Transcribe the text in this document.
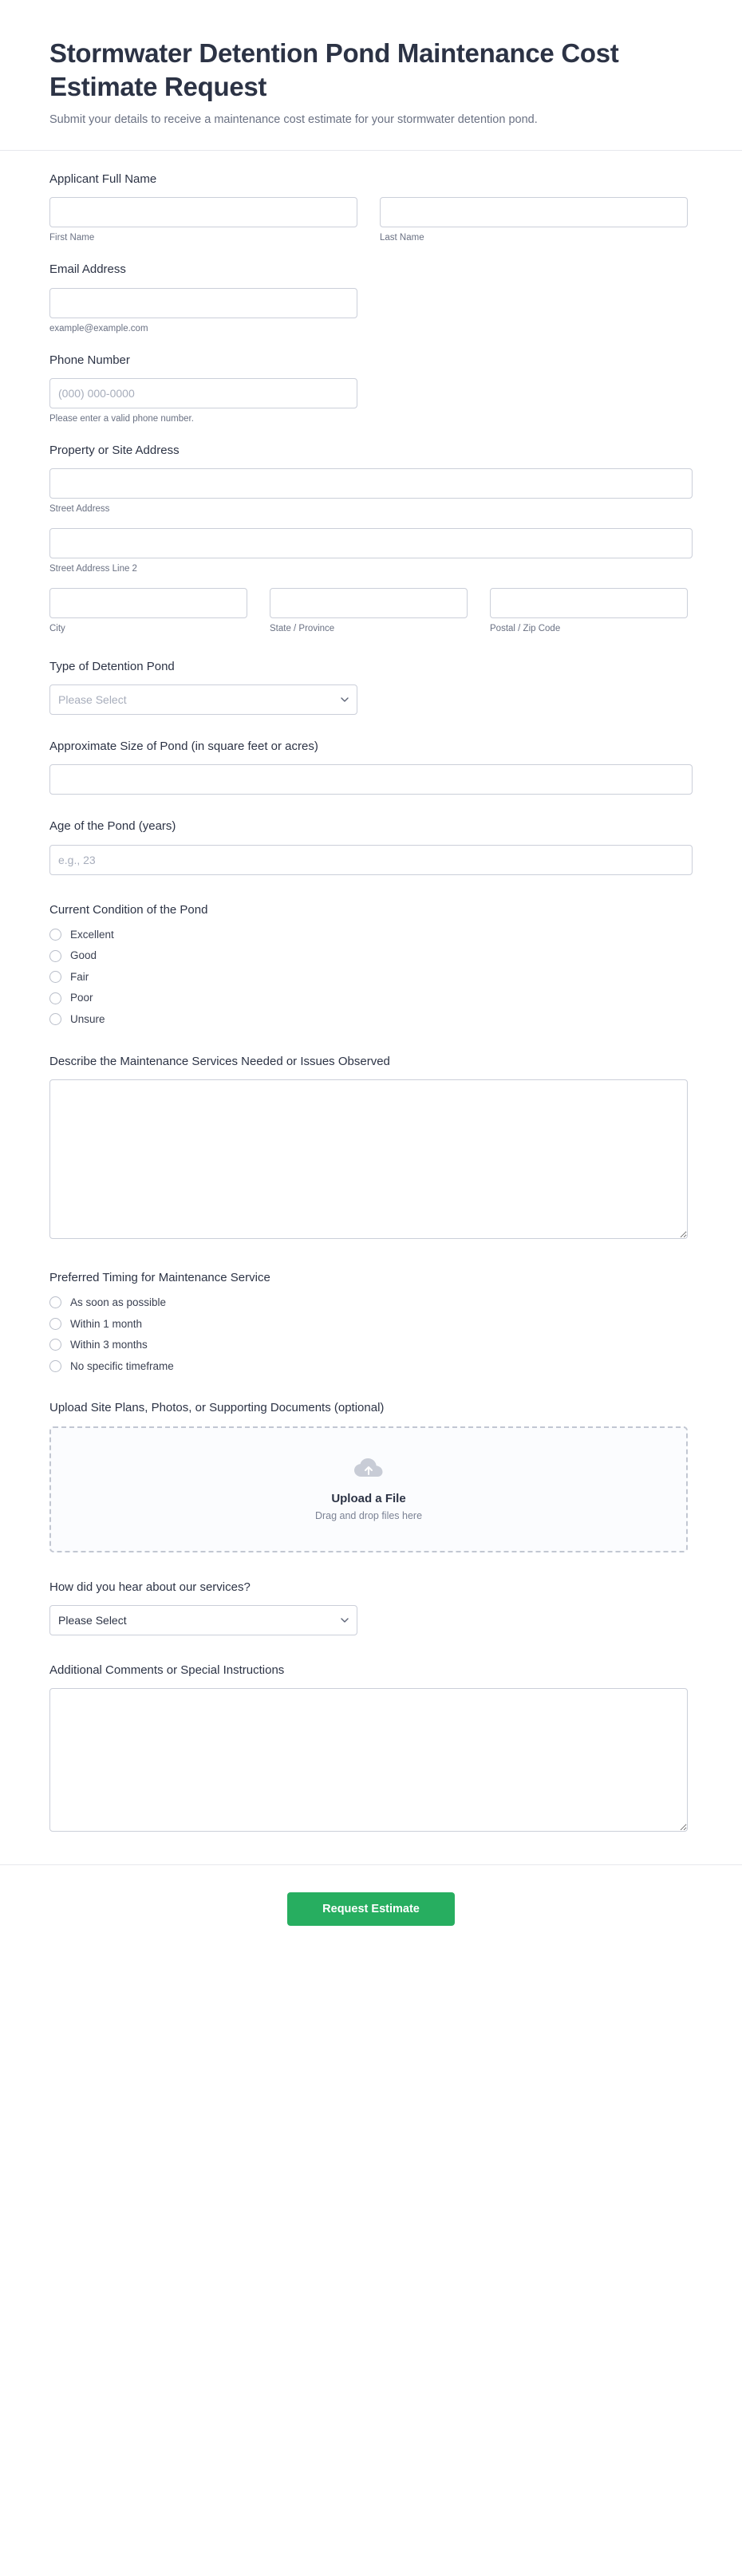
Stormwater Detention Pond Maintenance Cost Estimate Request

Submit your details to receive a maintenance cost estimate for your stormwater detention pond.

Applicant Full Name
First Name	Last Name
Email Address
example@example.com
Phone Number
(000) 000-0000
Please enter a valid phone number.
Property or Site Address
Street Address
Street Address Line 2
City	State / Province	Postal / Zip Code
Type of Detention Pond
Please Select
Approximate Size of Pond (in square feet or acres)
Age of the Pond (years)
e.g., 23
Current Condition of the Pond
Excellent
Good
Fair
Poor
Unsure
Describe the Maintenance Services Needed or Issues Observed
Preferred Timing for Maintenance Service
As soon as possible
Within 1 month
Within 3 months
No specific timeframe
Upload Site Plans, Photos, or Supporting Documents (optional)
Upload a File
Drag and drop files here
How did you hear about our services?
Please Select
Additional Comments or Special Instructions
Request Estimate
